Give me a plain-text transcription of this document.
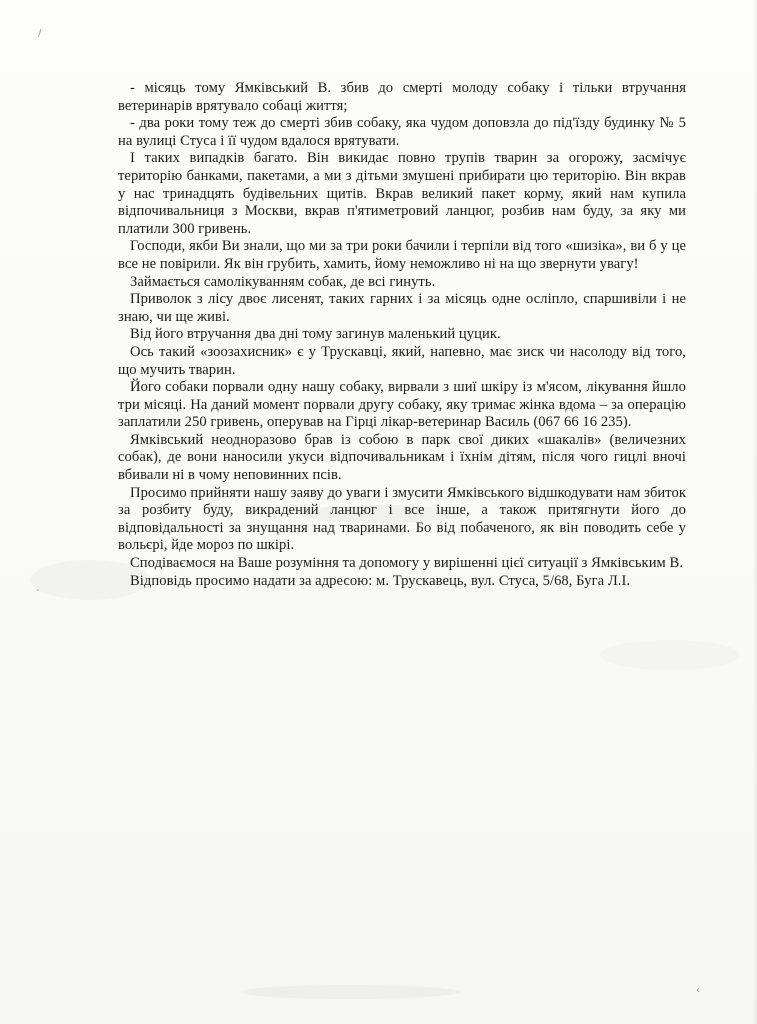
/
‑
‹

- місяць тому Ямківський В. збив до смерті молоду собаку і тільки втручання ветеринарів врятувало собаці життя;

- два роки тому теж до смерті збив собаку, яка чудом доповзла до під'їзду будинку № 5 на вулиці Стуса і її чудом вдалося врятувати.

І таких випадків багато. Він викидає повно трупів тварин за огорожу, засмічує територію банками, пакетами, а ми з дітьми змушені прибирати цю територію. Він вкрав у нас тринадцять будівельних щитів. Вкрав великий пакет корму, який нам купила відпочивальниця з Москви, вкрав п'ятиметровий ланцюг, розбив нам буду, за яку ми платили 300 гривень.

Господи, якби Ви знали, що ми за три роки бачили і терпіли від того «шизіка», ви б у це все не повірили. Як він грубить, хамить, йому неможливо ні на що звернути увагу!

Займається самолікуванням собак, де всі гинуть.

Приволок з лісу двоє лисенят, таких гарних і за місяць одне осліпло, спаршивіли і не знаю, чи ще живі.

Від його втручання два дні тому загинув маленький цуцик.

Ось такий «зоозахисник» є у Трускавці, який, напевно, має зиск чи насолоду від того, що мучить тварин.

Його собаки порвали одну нашу собаку, вирвали з шиї шкіру із м'ясом, лікування йшло три місяці. На даний момент порвали другу собаку, яку тримає жінка вдома – за операцію заплатили 250 гривень, оперував на Гірці лікар-ветеринар Василь (067 66 16 235).

Ямківський неодноразово брав із собою в парк свої диких «шакалів» (величезних собак), де вони наносили укуси відпочивальникам і їхнім дітям, після чого гицлі вночі вбивали ні в чому неповинних псів.

Просимо прийняти нашу заяву до уваги і змусити Ямківського відшкодувати нам збиток за розбиту буду, викрадений ланцюг і все інше, а також притягнути його до відповідальності за знущання над тваринами. Бо від побаченого, як він поводить себе у вольєрі, йде мороз по шкірі.

Сподіваємося на Ваше розуміння та допомогу у вирішенні цієї ситуації з Ямківським В.

Відповідь просимо надати за адресою: м. Трускавець, вул. Стуса, 5/68, Буга Л.І.
